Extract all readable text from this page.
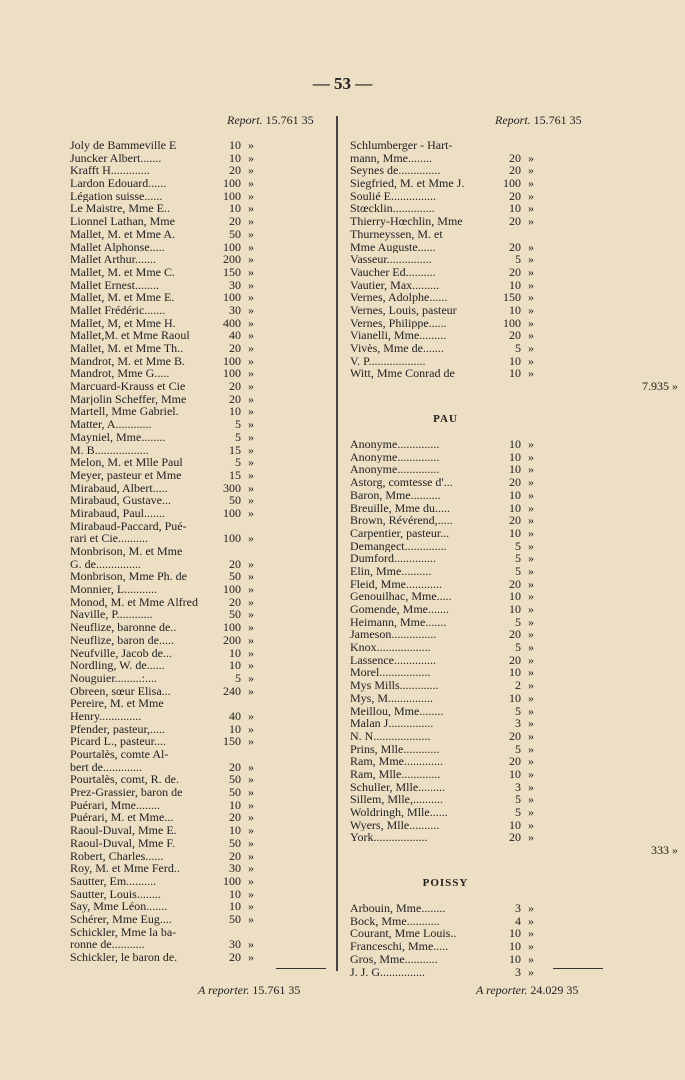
— 53 —
Report. 15.761 35	Report. 15.761 35
Joly de Bammeville E	10 »
Juncker Albert.......	10 »
Krafft H.............	20 »
Lardon Edouard......	100 »
Légation suisse......	100 »
Le Maistre, Mme E..	10 »
Lionnel Lathan, Mme	20 »
Mallet, M. et Mme A.	50 »
Mallet Alphonse.....	100 »
Mallet Arthur.......	200 »
Mallet, M. et Mme C.	150 »
Mallet Ernest........	30 »
Mallet, M. et Mme E.	100 »
Mallet Frédéric.......	30 »
Mallet, M, et Mme H.	400 »
Mallet,M. et Mme Raoul	40 »
Mallet, M. et Mme Th..	20 »
Mandrot, M. et Mme B.	100 »
Mandrot, Mme G.....	100 »
Marcuard-Krauss et Cie	20 »
Marjolin Scheffer, Mme	20 »
Martell, Mme Gabriel.	10 »
Matter, A............	5 »
Mayniel, Mme........	5 »
M. B..................	15 »
Melon, M. et Mlle Paul	5 »
Meyer, pasteur et Mme	15 »
Mirabaud, Albert.....	300 »
Mirabaud, Gustave...	50 »
Mirabaud, Paul.......	100 »
Mirabaud-Paccard, Pué-
rari et Cie..........	100 »
Monbrison, M. et Mme
G. de...............	20 »
Monbrison, Mme Ph. de	50 »
Monnier, L...........	100 »
Monod, M. et Mme Alfred	20 »
Naville, P............	50 »
Neuflize, baronne de..	100 »
Neuflize, baron de.....	200 »
Neufville, Jacob de...	10 »
Nordling, W. de......	10 »
Nouguier.........:....	5 »
Obreen, sœur Elisa...	240 »
Pereire, M. et Mme
Henry..............	40 »
Pfender, pasteur,.....	10 »
Picard L., pasteur....	150 »
Pourtalès, comte Al-
bert de.............	20 »
Pourtalès, comt, R. de.	50 »
Prez-Grassier, baron de	50 »
Puérari, Mme........	10 »
Puérari, M. et Mme...	20 »
Raoul-Duval, Mme E.	10 »
Raoul-Duval, Mme F.	50 »
Robert, Charles......	20 »
Roy, M. et Mme Ferd..	30 »
Sautter, Em..........	100 »
Sautter, Louis........	10 »
Say, Mme Léon.......	10 »
Schérer, Mme Eug....	50 »
Schickler, Mme la ba-
ronne de...........	30 »
Schickler, le baron de.	20 »
Schlumberger - Hart-
mann, Mme........	20 »
Seynes de..............	20 »
Siegfried, M. et Mme J.	100 »
Soulié E...............	20 »
Stœcklin..............	10 »
Thierry-Hœchlin, Mme	20 »
Thurneyssen, M. et
Mme Auguste......	20 »
Vasseur...............	5 »
Vaucher Ed..........	20 »
Vautier, Max.........	10 »
Vernes, Adolphe......	150 »
Vernes, Louis, pasteur	10 »
Vernes, Philippe......	100 »
Vianelli, Mme.........	20 »
Vivès, Mme de.......	5 »
V. P...................	10 »
Witt, Mme Conrad de	10 »
7.935 »
PAU
Anonyme..............	10 »
Anonyme..............	10 »
Anonyme..............	10 »
Astorg, comtesse d'...	20 »
Baron, Mme..........	10 »
Breuille, Mme du.....	10 »
Brown, Révérend,.....	20 »
Carpentier, pasteur...	10 »
Demangect..............	5 »
Dumford..............	5 »
Elin, Mme..........	5 »
Fleid, Mme............	20 »
Genouilhac, Mme.....	10 »
Gomende, Mme.......	10 »
Heimann, Mme.......	5 »
Jameson...............	20 »
Knox..................	5 »
Lassence..............	20 »
Morel.................	10 »
Mys Mills.............	2 »
Mys, M...............	10 »
Meillou, Mme........	5 »
Malan J...............	3 »
N. N...................	20 »
Prins, Mlle............	5 »
Ram, Mme.............	20 »
Ram, Mlle.............	10 »
Schuller, Mlle.........	3 »
Sillem, Mlle,..........	5 »
Woldringh, Mlle......	5 »
Wyers, Mlle..........	10 »
York..................	20 »
333 »
POISSY
Arbouin, Mme........	3 »
Bock, Mme...........	4 »
Courant, Mme Louis..	10 »
Franceschi, Mme.....	10 »
Gros, Mme...........	10 »
J. J. G...............	3 »
A reporter. 15.761 35	A reporter. 24.029 35
